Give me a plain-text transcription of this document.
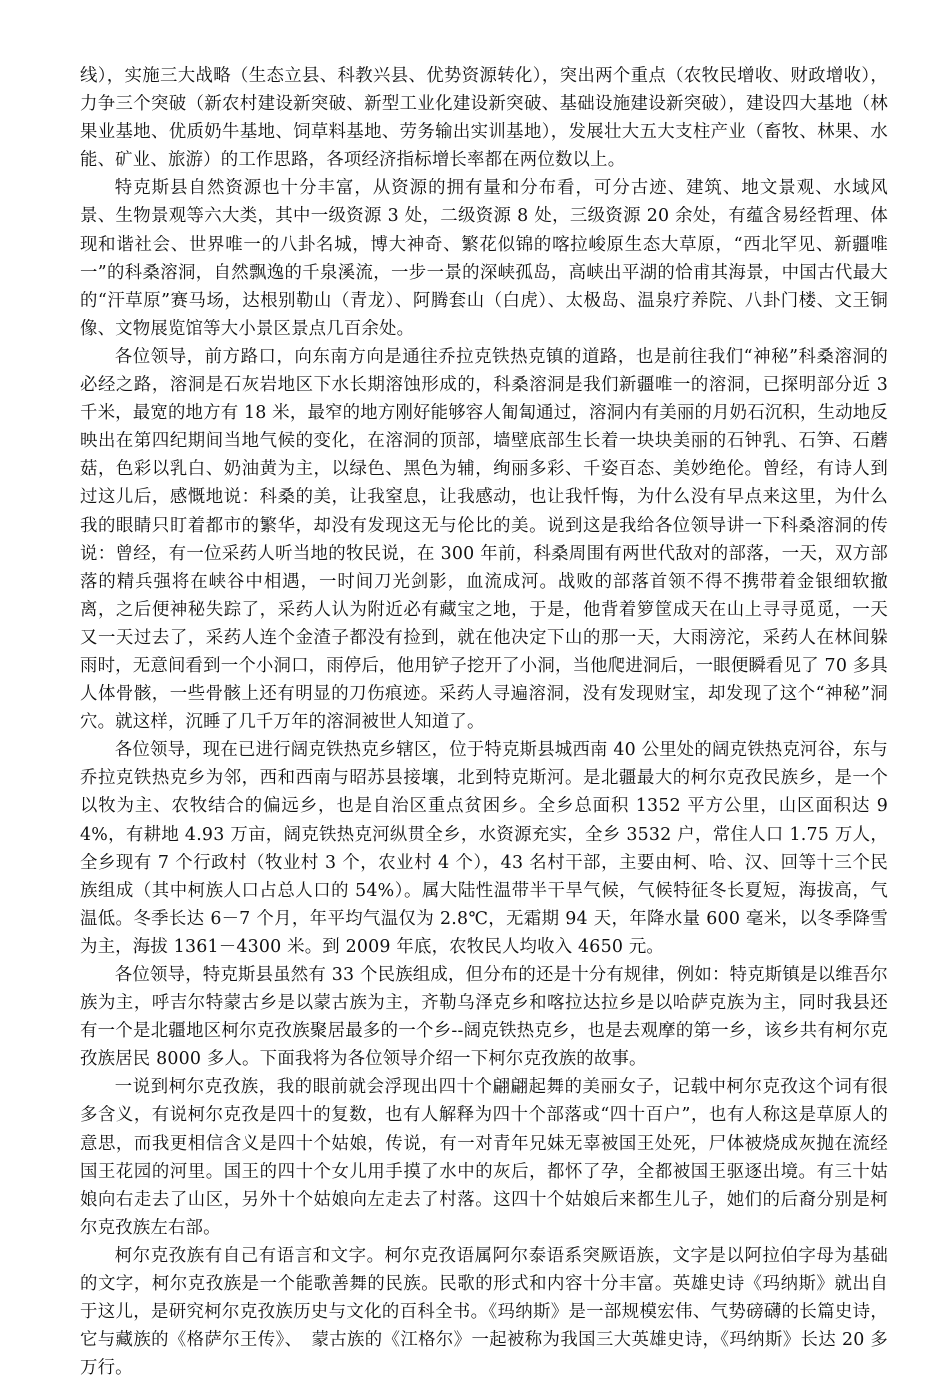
线），实施三大战略（生态立县、科教兴县、优势资源转化），突出两个重点（农牧民增收、财政增收），力争三个突破（新农村建设新突破、新型工业化建设新突破、基础设施建设新突破），建设四大基地（林果业基地、优质奶牛基地、饲草料基地、劳务输出实训基地），发展壮大五大支柱产业（畜牧、林果、水能、矿业、旅游）的工作思路，各项经济指标增长率都在两位数以上。

特克斯县自然资源也十分丰富，从资源的拥有量和分布看，可分古迹、建筑、地文景观、水域风景、生物景观等六大类，其中一级资源 3 处，二级资源 8 处，三级资源 20 余处，有蕴含易经哲理、体现和谐社会、世界唯一的八卦名城，博大神奇、繁花似锦的喀拉峻原生态大草原，“西北罕见、新疆唯一”的科桑溶洞，自然飘逸的千泉溪流，一步一景的深峡孤岛，高峡出平湖的恰甫其海景，中国古代最大的“汗草原”赛马场，达根别勒山（青龙）、阿腾套山（白虎）、太极岛、温泉疗养院、八卦门楼、文王铜像、文物展览馆等大小景区景点几百余处。

各位领导，前方路口，向东南方向是通往乔拉克铁热克镇的道路，也是前往我们“神秘”科桑溶洞的必经之路，溶洞是石灰岩地区下水长期溶蚀形成的，科桑溶洞是我们新疆唯一的溶洞，已探明部分近 3 千米，最宽的地方有 18 米，最窄的地方刚好能够容人匍匐通过，溶洞内有美丽的月奶石沉积，生动地反映出在第四纪期间当地气候的变化，在溶洞的顶部，墙壁底部生长着一块块美丽的石钟乳、石笋、石蘑菇，色彩以乳白、奶油黄为主，以绿色、黑色为辅，绚丽多彩、千姿百态、美妙绝伦。曾经，有诗人到过这儿后，感慨地说：科桑的美，让我窒息，让我感动，也让我忏悔，为什么没有早点来这里，为什么我的眼睛只盯着都市的繁华，却没有发现这无与伦比的美。说到这是我给各位领导讲一下科桑溶洞的传说：曾经，有一位采药人听当地的牧民说，在 300 年前，科桑周围有两世代敌对的部落，一天，双方部落的精兵强将在峡谷中相遇，一时间刀光剑影，血流成河。战败的部落首领不得不携带着金银细软撤离，之后便神秘失踪了，采药人认为附近必有藏宝之地，于是，他背着箩筐成天在山上寻寻觅觅，一天又一天过去了，采药人连个金渣子都没有捡到，就在他决定下山的那一天，大雨滂沱，采药人在林间躲雨时，无意间看到一个小洞口，雨停后，他用铲子挖开了小洞，当他爬进洞后，一眼便瞬看见了 70 多具人体骨骸，一些骨骸上还有明显的刀伤痕迹。采药人寻遍溶洞，没有发现财宝，却发现了这个“神秘”洞穴。就这样，沉睡了几千万年的溶洞被世人知道了。

各位领导，现在已进行阔克铁热克乡辖区，位于特克斯县城西南 40 公里处的阔克铁热克河谷，东与乔拉克铁热克乡为邻，西和西南与昭苏县接壤，北到特克斯河。是北疆最大的柯尔克孜民族乡，是一个以牧为主、农牧结合的偏远乡，也是自治区重点贫困乡。全乡总面积 1352 平方公里，山区面积达 94%，有耕地 4.93 万亩，阔克铁热克河纵贯全乡，水资源充实，全乡 3532 户，常住人口 1.75 万人，全乡现有 7 个行政村（牧业村 3 个，农业村 4 个），43 名村干部，主要由柯、哈、汉、回等十三个民族组成（其中柯族人口占总人口的 54%）。属大陆性温带半干旱气候，气候特征冬长夏短，海拔高，气温低。冬季长达 6－7 个月，年平均气温仅为 2.8℃，无霜期 94 天，年降水量 600 毫米，以冬季降雪为主，海拔 1361－4300 米。到 2009 年底，农牧民人均收入 4650 元。

各位领导，特克斯县虽然有 33 个民族组成，但分布的还是十分有规律，例如：特克斯镇是以维吾尔族为主，呼吉尔特蒙古乡是以蒙古族为主，齐勒乌泽克乡和喀拉达拉乡是以哈萨克族为主，同时我县还有一个是北疆地区柯尔克孜族聚居最多的一个乡--阔克铁热克乡，也是去观摩的第一乡，该乡共有柯尔克孜族居民 8000 多人。下面我将为各位领导介绍一下柯尔克孜族的故事。

一说到柯尔克孜族，我的眼前就会浮现出四十个翩翩起舞的美丽女子，记载中柯尔克孜这个词有很多含义，有说柯尔克孜是四十的复数，也有人解释为四十个部落或“四十百户”，也有人称这是草原人的意思，而我更相信含义是四十个姑娘，传说，有一对青年兄妹无辜被国王处死，尸体被烧成灰抛在流经国王花园的河里。国王的四十个女儿用手摸了水中的灰后，都怀了孕，全都被国王驱逐出境。有三十姑娘向右走去了山区，另外十个姑娘向左走去了村落。这四十个姑娘后来都生儿子，她们的后裔分别是柯尔克孜族左右部。

柯尔克孜族有自己有语言和文字。柯尔克孜语属阿尔泰语系突厥语族，文字是以阿拉伯字母为基础的文字，柯尔克孜族是一个能歌善舞的民族。民歌的形式和内容十分丰富。英雄史诗《玛纳斯》就出自于这儿，是研究柯尔克孜族历史与文化的百科全书。《玛纳斯》是一部规模宏伟、气势磅礴的长篇史诗，它与藏族的《格萨尔王传》、　蒙古族的《江格尔》一起被称为我国三大英雄史诗，《玛纳斯》长达 20 多万行。
